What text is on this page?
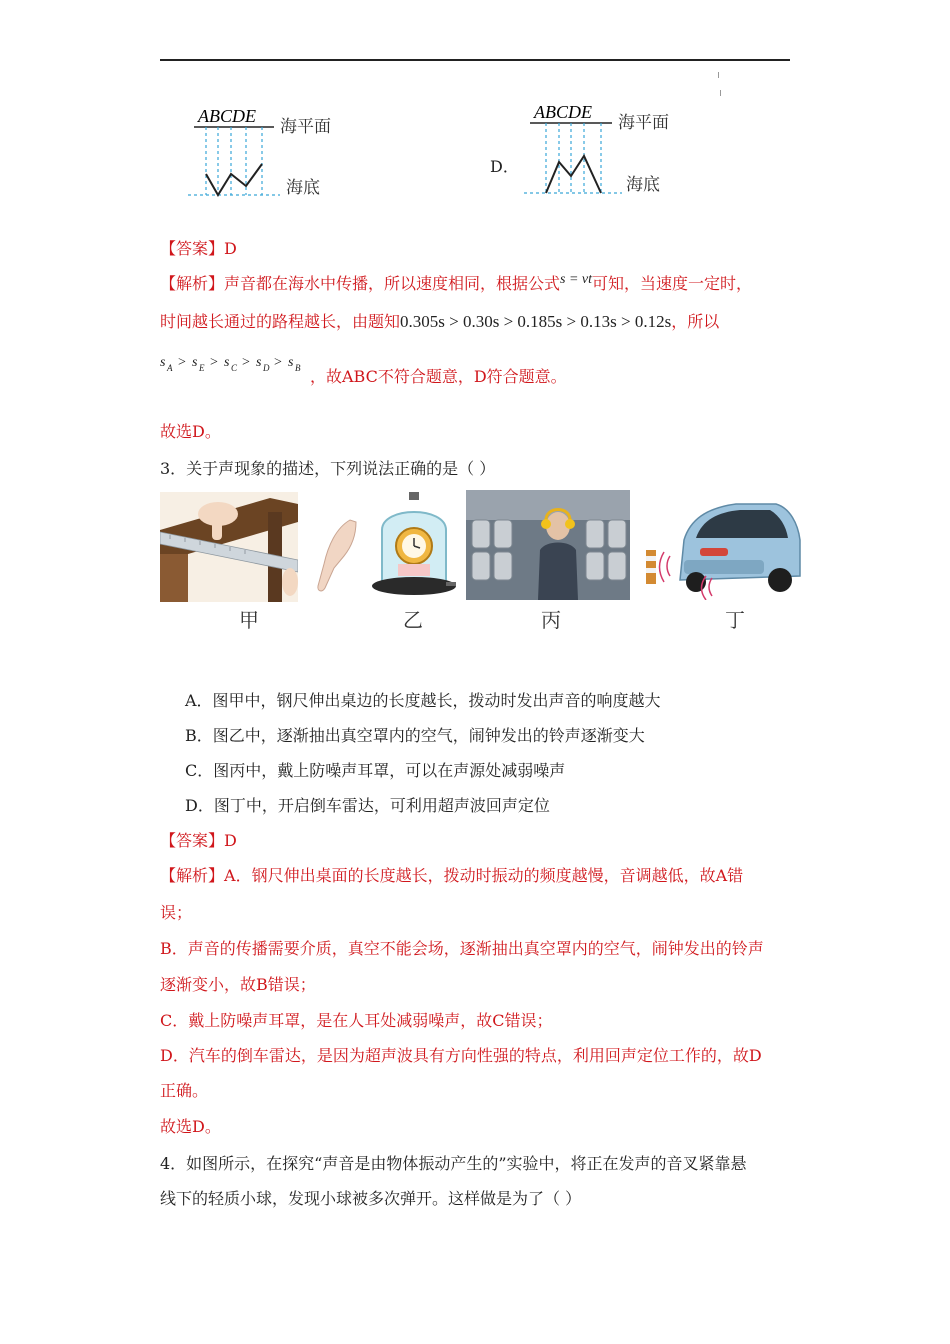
ABCDE
海平面
海底
D．
ABCDE
海平面
海底
【答案】D
【解析】声音都在海水中传播，所以速度相同，根据公式s = vt可知，当速度一定时，
时间越长通过的路程越长，由题知0.305s > 0.30s > 0.185s > 0.13s > 0.12s，所以
s A > s E > s C > s D > s B ，故ABC不符合题意，D符合题意。
故选D。
3．关于声现象的描述，下列说法正确的是（ ）
甲	乙	丙	丁
A．图甲中，钢尺伸出桌边的长度越长，拨动时发出声音的响度越大
B．图乙中，逐渐抽出真空罩内的空气，闹钟发出的铃声逐渐变大
C．图丙中，戴上防噪声耳罩，可以在声源处减弱噪声
D．图丁中，开启倒车雷达，可利用超声波回声定位
【答案】D
【解析】A．钢尺伸出桌面的长度越长，拨动时振动的频度越慢，音调越低，故A错
误；
B．声音的传播需要介质，真空不能会场，逐渐抽出真空罩内的空气，闹钟发出的铃声
逐渐变小，故B错误；
C．戴上防噪声耳罩，是在人耳处减弱噪声，故C错误；
D．汽车的倒车雷达，是因为超声波具有方向性强的特点，利用回声定位工作的，故D
正确。
故选D。
4．如图所示，在探究“声音是由物体振动产生的”实验中，将正在发声的音叉紧靠悬
线下的轻质小球，发现小球被多次弹开。这样做是为了（ ）
